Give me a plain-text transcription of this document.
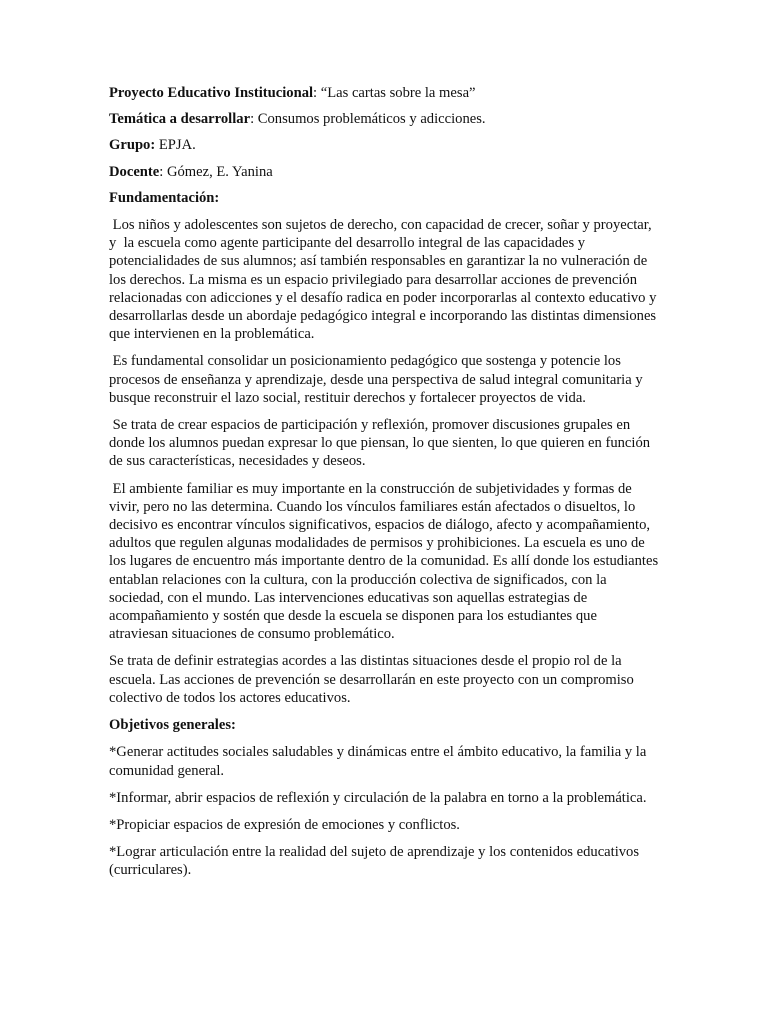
Proyecto Educativo Institucional: “Las cartas sobre la mesa”

Temática a desarrollar: Consumos problemáticos y adicciones.

Grupo: EPJA.

Docente: Gómez, E. Yanina

Fundamentación:

Los niños y adolescentes son sujetos de derecho, con capacidad de crecer, soñar y proyectar, y  la escuela como agente participante del desarrollo integral de las capacidades y potencialidades de sus alumnos; así también responsables en garantizar la no vulneración de los derechos. La misma es un espacio privilegiado para desarrollar acciones de prevención relacionadas con adicciones y el desafío radica en poder incorporarlas al contexto educativo y desarrollarlas desde un abordaje pedagógico integral e incorporando las distintas dimensiones que intervienen en la problemática.

Es fundamental consolidar un posicionamiento pedagógico que sostenga y potencie los procesos de enseñanza y aprendizaje, desde una perspectiva de salud integral comunitaria y busque reconstruir el lazo social, restituir derechos y fortalecer proyectos de vida.

Se trata de crear espacios de participación y reflexión, promover discusiones grupales en donde los alumnos puedan expresar lo que piensan, lo que sienten, lo que quieren en función de sus características, necesidades y deseos.

El ambiente familiar es muy importante en la construcción de subjetividades y formas de vivir, pero no las determina. Cuando los vínculos familiares están afectados o disueltos, lo decisivo es encontrar vínculos significativos, espacios de diálogo, afecto y acompañamiento, adultos que regulen algunas modalidades de permisos y prohibiciones. La escuela es uno de los lugares de encuentro más importante dentro de la comunidad. Es allí donde los estudiantes entablan relaciones con la cultura, con la producción colectiva de significados, con la sociedad, con el mundo. Las intervenciones educativas son aquellas estrategias de acompañamiento y sostén que desde la escuela se disponen para los estudiantes que atraviesan situaciones de consumo problemático.

Se trata de definir estrategias acordes a las distintas situaciones desde el propio rol de la escuela. Las acciones de prevención se desarrollarán en este proyecto con un compromiso colectivo de todos los actores educativos.

Objetivos generales:

*Generar actitudes sociales saludables y dinámicas entre el ámbito educativo, la familia y la comunidad general.

*Informar, abrir espacios de reflexión y circulación de la palabra en torno a la problemática.

*Propiciar espacios de expresión de emociones y conflictos.

*Lograr articulación entre la realidad del sujeto de aprendizaje y los contenidos educativos (curriculares).
